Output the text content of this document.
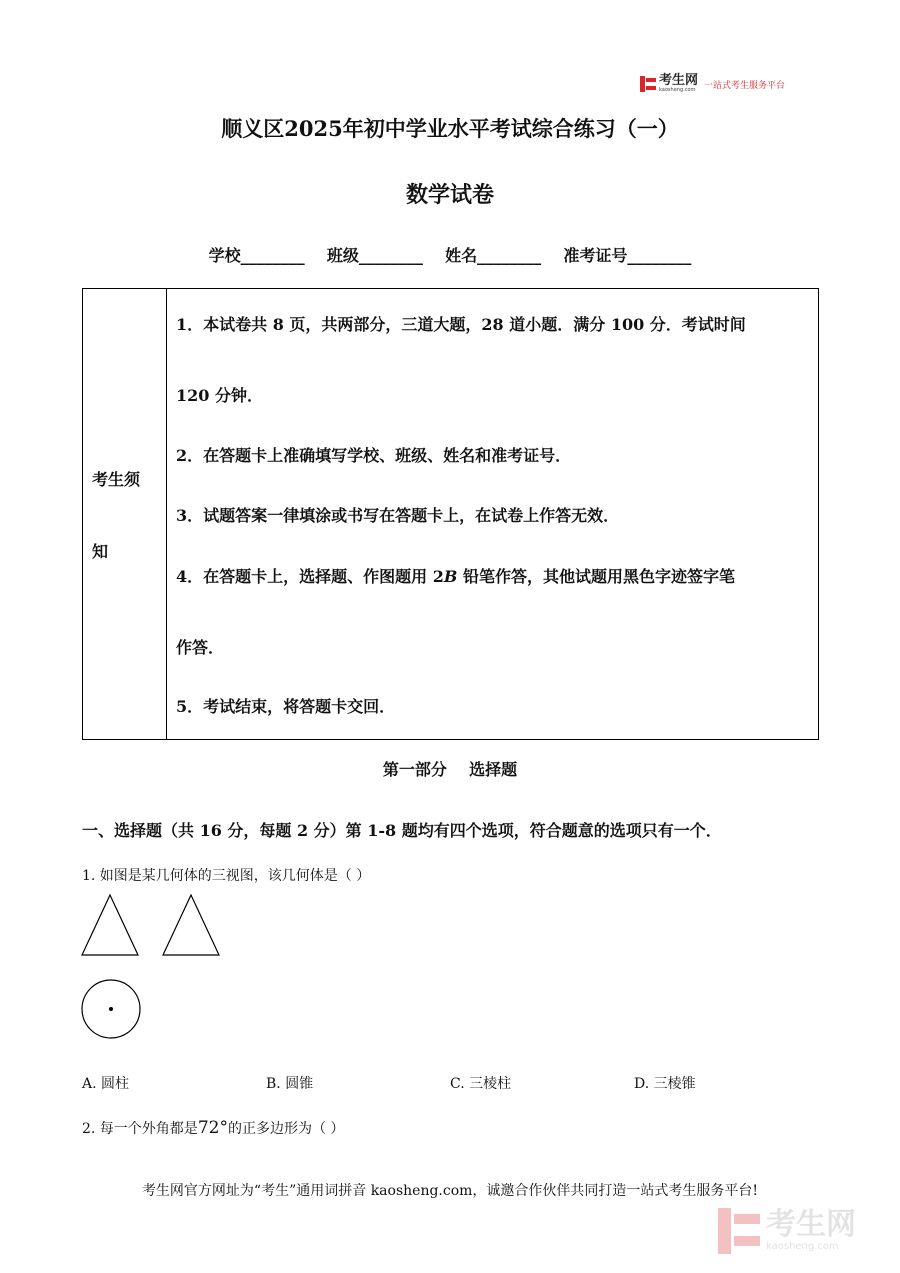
考生网
kaosheng.com 一站式考生服务平台
顺义区2025年初中学业水平考试综合练习（一）
数学试卷
学校________    班级________    姓名________    准考证号________
考生须
知
1．本试卷共 8 页，共两部分，三道大题，28 道小题．满分 100 分．考试时间
120 分钟．
2．在答题卡上准确填写学校、班级、姓名和准考证号．
3．试题答案一律填涂或书写在答题卡上，在试卷上作答无效．
4．在答题卡上，选择题、作图题用 2B 铅笔作答，其他试题用黑色字迹签字笔
作答．
5．考试结束，将答题卡交回．
第一部分    选择题
一、选择题（共 16 分，每题 2 分）第 1-8 题均有四个选项，符合题意的选项只有一个．
1. 如图是某几何体的三视图，该几何体是（ ）
A. 圆柱	B. 圆锥	C. 三棱柱	D. 三棱锥
2. 每一个外角都是72°的正多边形为（ ）
考生网官方网址为“考生”通用词拼音 kaosheng.com，诚邀合作伙伴共同打造一站式考生服务平台!
考生网
kaosheng.com
